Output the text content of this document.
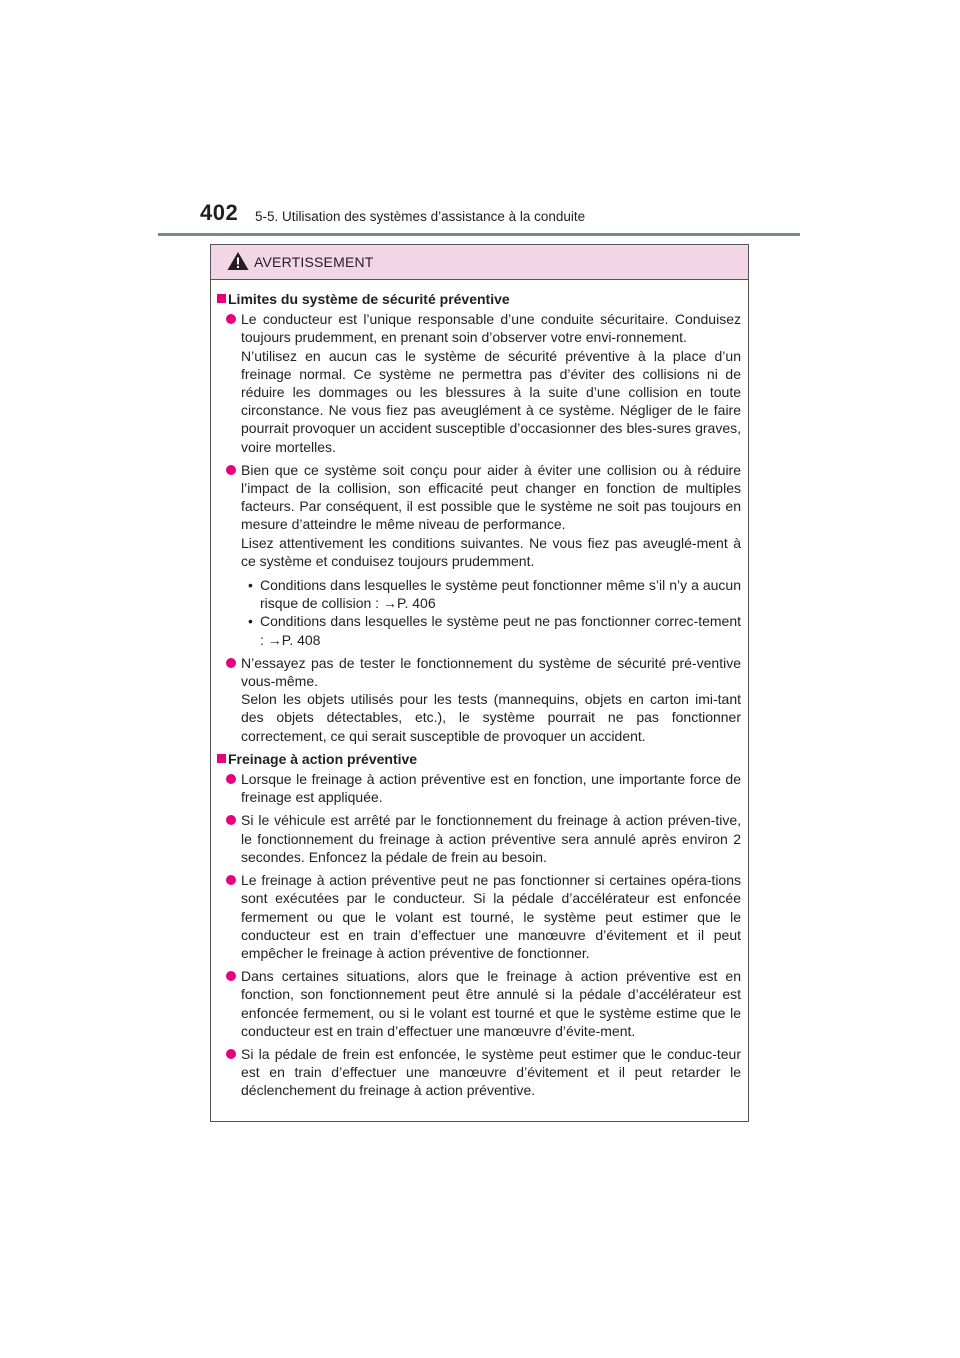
402 5-5. Utilisation des systèmes d’assistance à la conduite
AVERTISSEMENT
Limites du système de sécurité préventive

Le conducteur est l’unique responsable d’une conduite sécuritaire. Conduisez toujours prudemment, en prenant soin d’observer votre envi-ronnement.

N’utilisez en aucun cas le système de sécurité préventive à la place d’un freinage normal. Ce système ne permettra pas d’éviter des collisions ni de réduire les dommages ou les blessures à la suite d’une collision en toute circonstance. Ne vous fiez pas aveuglément à ce système. Négliger de le faire pourrait provoquer un accident susceptible d’occasionner des bles-sures graves, voire mortelles.

Bien que ce système soit conçu pour aider à éviter une collision ou à réduire l’impact de la collision, son efficacité peut changer en fonction de multiples facteurs. Par conséquent, il est possible que le système ne soit pas toujours en mesure d’atteindre le même niveau de performance.

Lisez attentivement les conditions suivantes. Ne vous fiez pas aveuglé-ment à ce système et conduisez toujours prudemment.

• Conditions dans lesquelles le système peut fonctionner même s’il n’y a aucun risque de collision : →P. 406
• Conditions dans lesquelles le système peut ne pas fonctionner correc-tement : →P. 408

N’essayez pas de tester le fonctionnement du système de sécurité pré-ventive vous-même.

Selon les objets utilisés pour les tests (mannequins, objets en carton imi-tant des objets détectables, etc.), le système pourrait ne pas fonctionner correctement, ce qui serait susceptible de provoquer un accident.

Freinage à action préventive

Lorsque le freinage à action préventive est en fonction, une importante force de freinage est appliquée.

Si le véhicule est arrêté par le fonctionnement du freinage à action préven-tive, le fonctionnement du freinage à action préventive sera annulé après environ 2 secondes. Enfoncez la pédale de frein au besoin.

Le freinage à action préventive peut ne pas fonctionner si certaines opéra-tions sont exécutées par le conducteur. Si la pédale d’accélérateur est enfoncée fermement ou que le volant est tourné, le système peut estimer que le conducteur est en train d’effectuer une manœuvre d’évitement et il peut empêcher le freinage à action préventive de fonctionner.

Dans certaines situations, alors que le freinage à action préventive est en fonction, son fonctionnement peut être annulé si la pédale d’accélérateur est enfoncée fermement, ou si le volant est tourné et que le système estime que le conducteur est en train d’effectuer une manœuvre d’évite-ment.

Si la pédale de frein est enfoncée, le système peut estimer que le conduc-teur est en train d’effectuer une manœuvre d’évitement et il peut retarder le déclenchement du freinage à action préventive.
